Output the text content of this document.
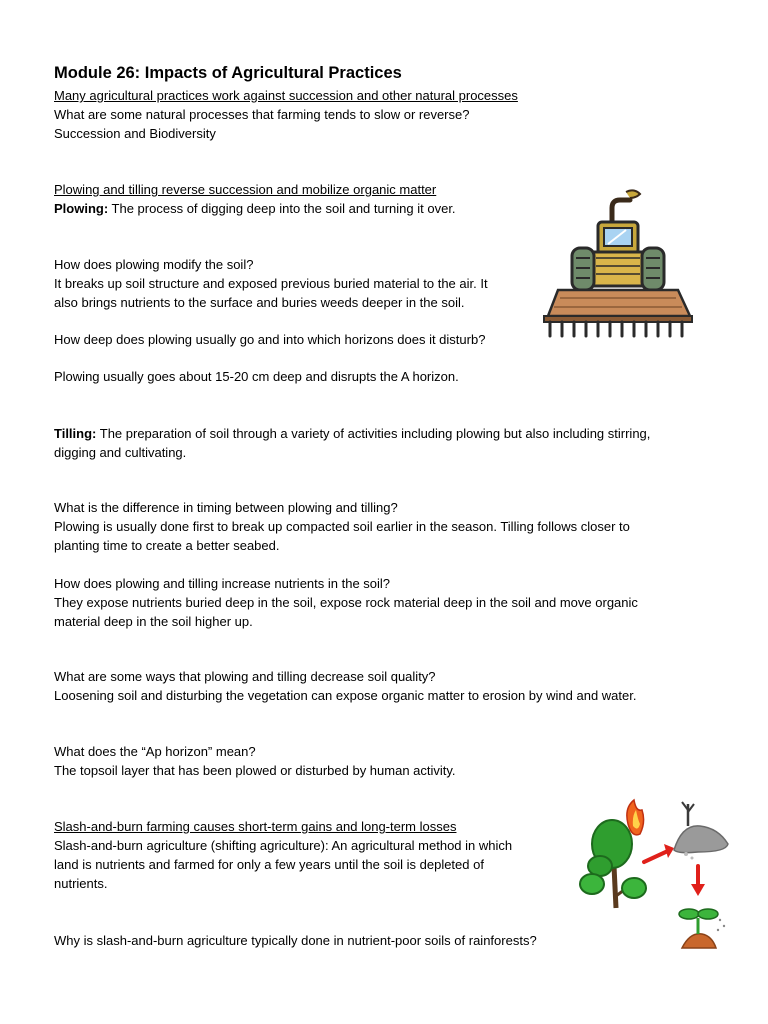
Module 26: Impacts of Agricultural Practices

Many agricultural practices work against succession and other natural processes

What are some natural processes that farming tends to slow or reverse?

Succession and Biodiversity

Plowing and tilling reverse succession and mobilize organic matter

Plowing: The process of digging deep into the soil and turning it over.

How does plowing modify the soil?

It breaks up soil structure and exposed previous buried material to the air. It

also brings nutrients to the surface and buries weeds deeper in the soil.

How deep does plowing usually go and into which horizons does it disturb?

Plowing usually goes about 15-20 cm deep and disrupts the A horizon.

Tilling: The preparation of soil through a variety of activities including plowing but also including stirring,

digging and cultivating.

What is the difference in timing between plowing and tilling?

Plowing is usually done first to break up compacted soil earlier in the season. Tilling follows closer to

planting time to create a better seabed.

How does plowing and tilling increase nutrients in the soil?

They expose nutrients buried deep in the soil, expose rock material deep in the soil and move organic

material deep in the soil higher up.

What are some ways that plowing and tilling decrease soil quality?

Loosening soil and disturbing the vegetation can expose organic matter to erosion by wind and water.

What does the “Ap horizon” mean?

The topsoil layer that has been plowed or disturbed by human activity.

Slash-and-burn farming causes short-term gains and long-term losses

Slash-and-burn agriculture (shifting agriculture): An agricultural method in which

land is nutrients and farmed for only a few years until the soil is depleted of

nutrients.

Why is slash-and-burn agriculture typically done in nutrient-poor soils of rainforests?
